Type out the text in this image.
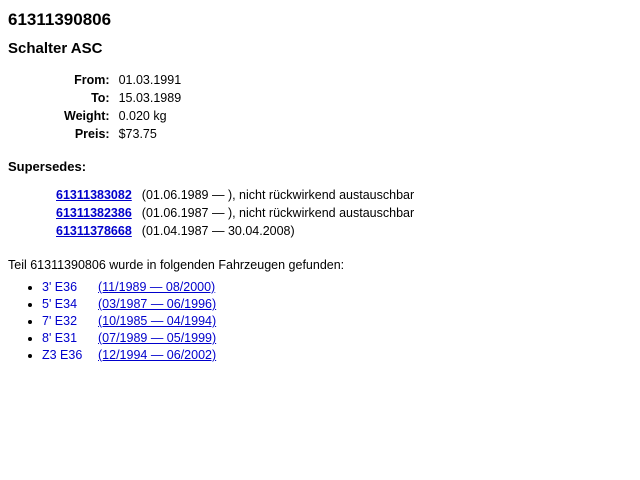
61311390806
Schalter ASC
From:	01.03.1991
To:	15.03.1989
Weight:	0.020 kg
Preis:	$73.75
Supersedes:
61311383082	(01.06.1989 — ), nicht rückwirkend austauschbar
61311382386	(01.06.1987 — ), nicht rückwirkend austauschbar
61311378668	(01.04.1987 — 30.04.2008)

Teil 61311390806 wurde in folgenden Fahrzeugen gefunden:

• 3' E36 (11/1989 — 08/2000)
• 5' E34 (03/1987 — 06/1996)
• 7' E32 (10/1985 — 04/1994)
• 8' E31 (07/1989 — 05/1999)
• Z3 E36 (12/1994 — 06/2002)
